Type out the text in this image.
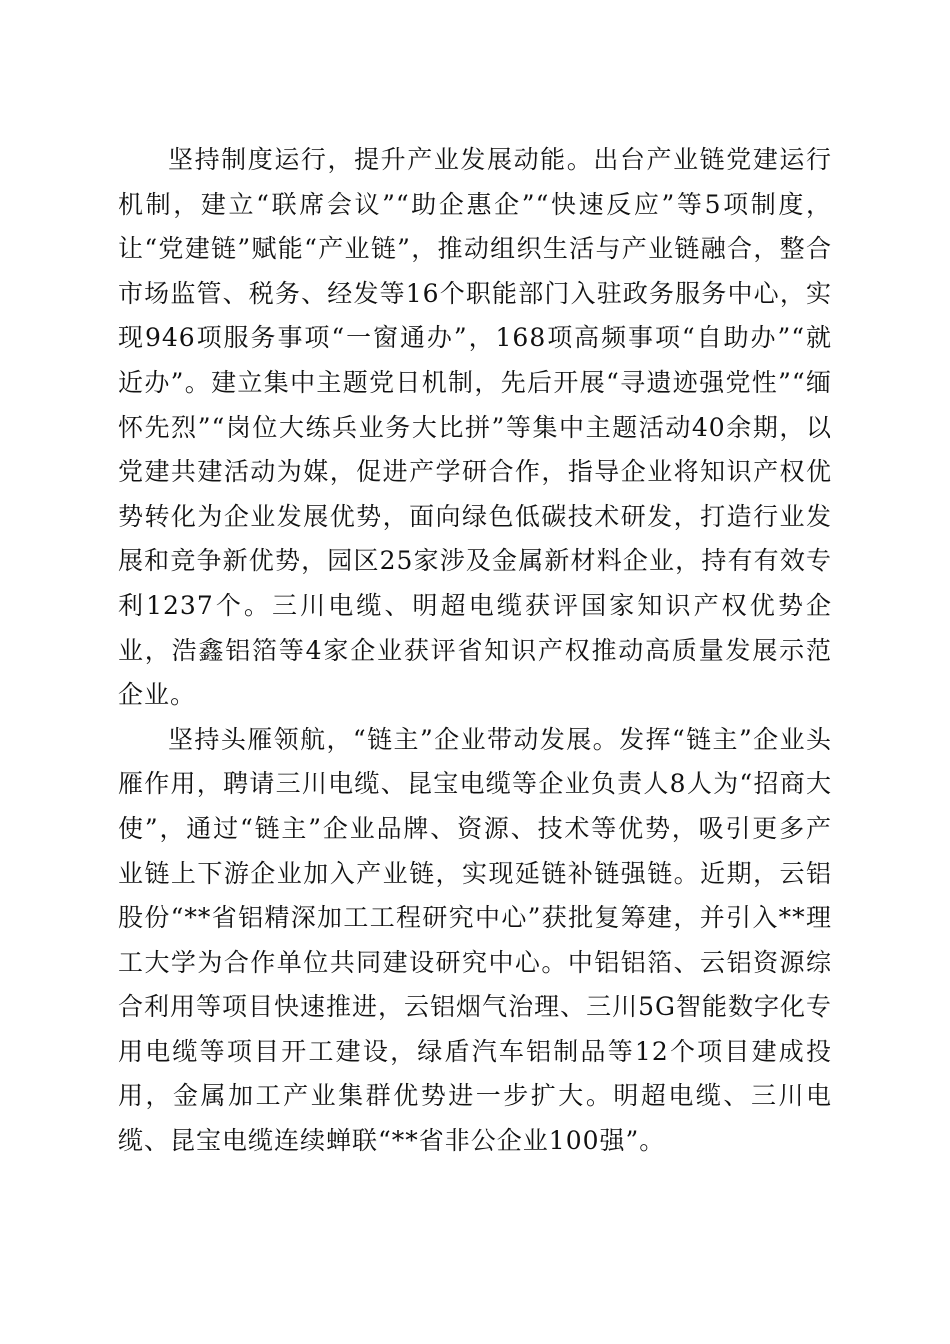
坚持制度运行，提升产业发展动能。出台产业链党建运行机制，建立“联席会议”“助企惠企”“快速反应”等5项制度，让“党建链”赋能“产业链”，推动组织生活与产业链融合，整合市场监管、税务、经发等16个职能部门入驻政务服务中心，实现946项服务事项“一窗通办”，168项高频事项“自助办”“就近办”。建立集中主题党日机制，先后开展“寻遗迹强党性”“缅怀先烈”“岗位大练兵业务大比拼”等集中主题活动40余期，以党建共建活动为媒，促进产学研合作，指导企业将知识产权优势转化为企业发展优势，面向绿色低碳技术研发，打造行业发展和竞争新优势，园区25家涉及金属新材料企业，持有有效专利1237个。三川电缆、明超电缆获评国家知识产权优势企业，浩鑫铝箔等4家企业获评省知识产权推动高质量发展示范企业。

坚持头雁领航，“链主”企业带动发展。发挥“链主”企业头雁作用，聘请三川电缆、昆宝电缆等企业负责人8人为“招商大使”，通过“链主”企业品牌、资源、技术等优势，吸引更多产业链上下游企业加入产业链，实现延链补链强链。近期，云铝股份“**省铝精深加工工程研究中心”获批复筹建，并引入**理工大学为合作单位共同建设研究中心。中铝铝箔、云铝资源综合利用等项目快速推进，云铝烟气治理、三川5G智能数字化专用电缆等项目开工建设，绿盾汽车铝制品等12个项目建成投用，金属加工产业集群优势进一步扩大。明超电缆、三川电缆、昆宝电缆连续蝉联“**省非公企业100强”。
